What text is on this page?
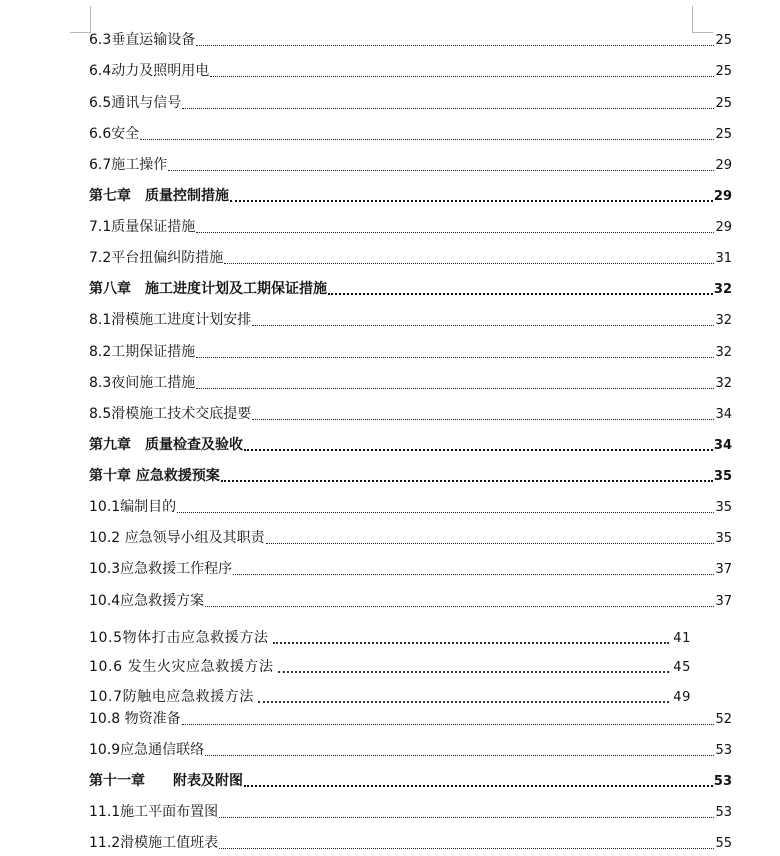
6.3垂直运输设备	25
6.4动力及照明用电	25
6.5通讯与信号	25
6.6安全	25
6.7施工操作	29
第七章　质量控制措施	29
7.1质量保证措施	29
7.2平台扭偏纠防措施	31
第八章　施工进度计划及工期保证措施	32
8.1滑模施工进度计划安排	32
8.2工期保证措施	32
8.3夜间施工措施	32
8.5滑模施工技术交底提要	34
第九章　质量检查及验收	34
第十章 应急救援预案	35
10.1编制目的	35
10.2 应急领导小组及其职责	35
10.3应急救援工作程序	37
10.4应急救援方案	37
10.5物体打击应急救援方法	41
10.6 发生火灾应急救援方法	45
10.7防触电应急救援方法	49
10.8 物资准备	52
10.9应急通信联络	53
第十一章　　附表及附图	53
11.1施工平面布置图	53
11.2滑模施工值班表	55
